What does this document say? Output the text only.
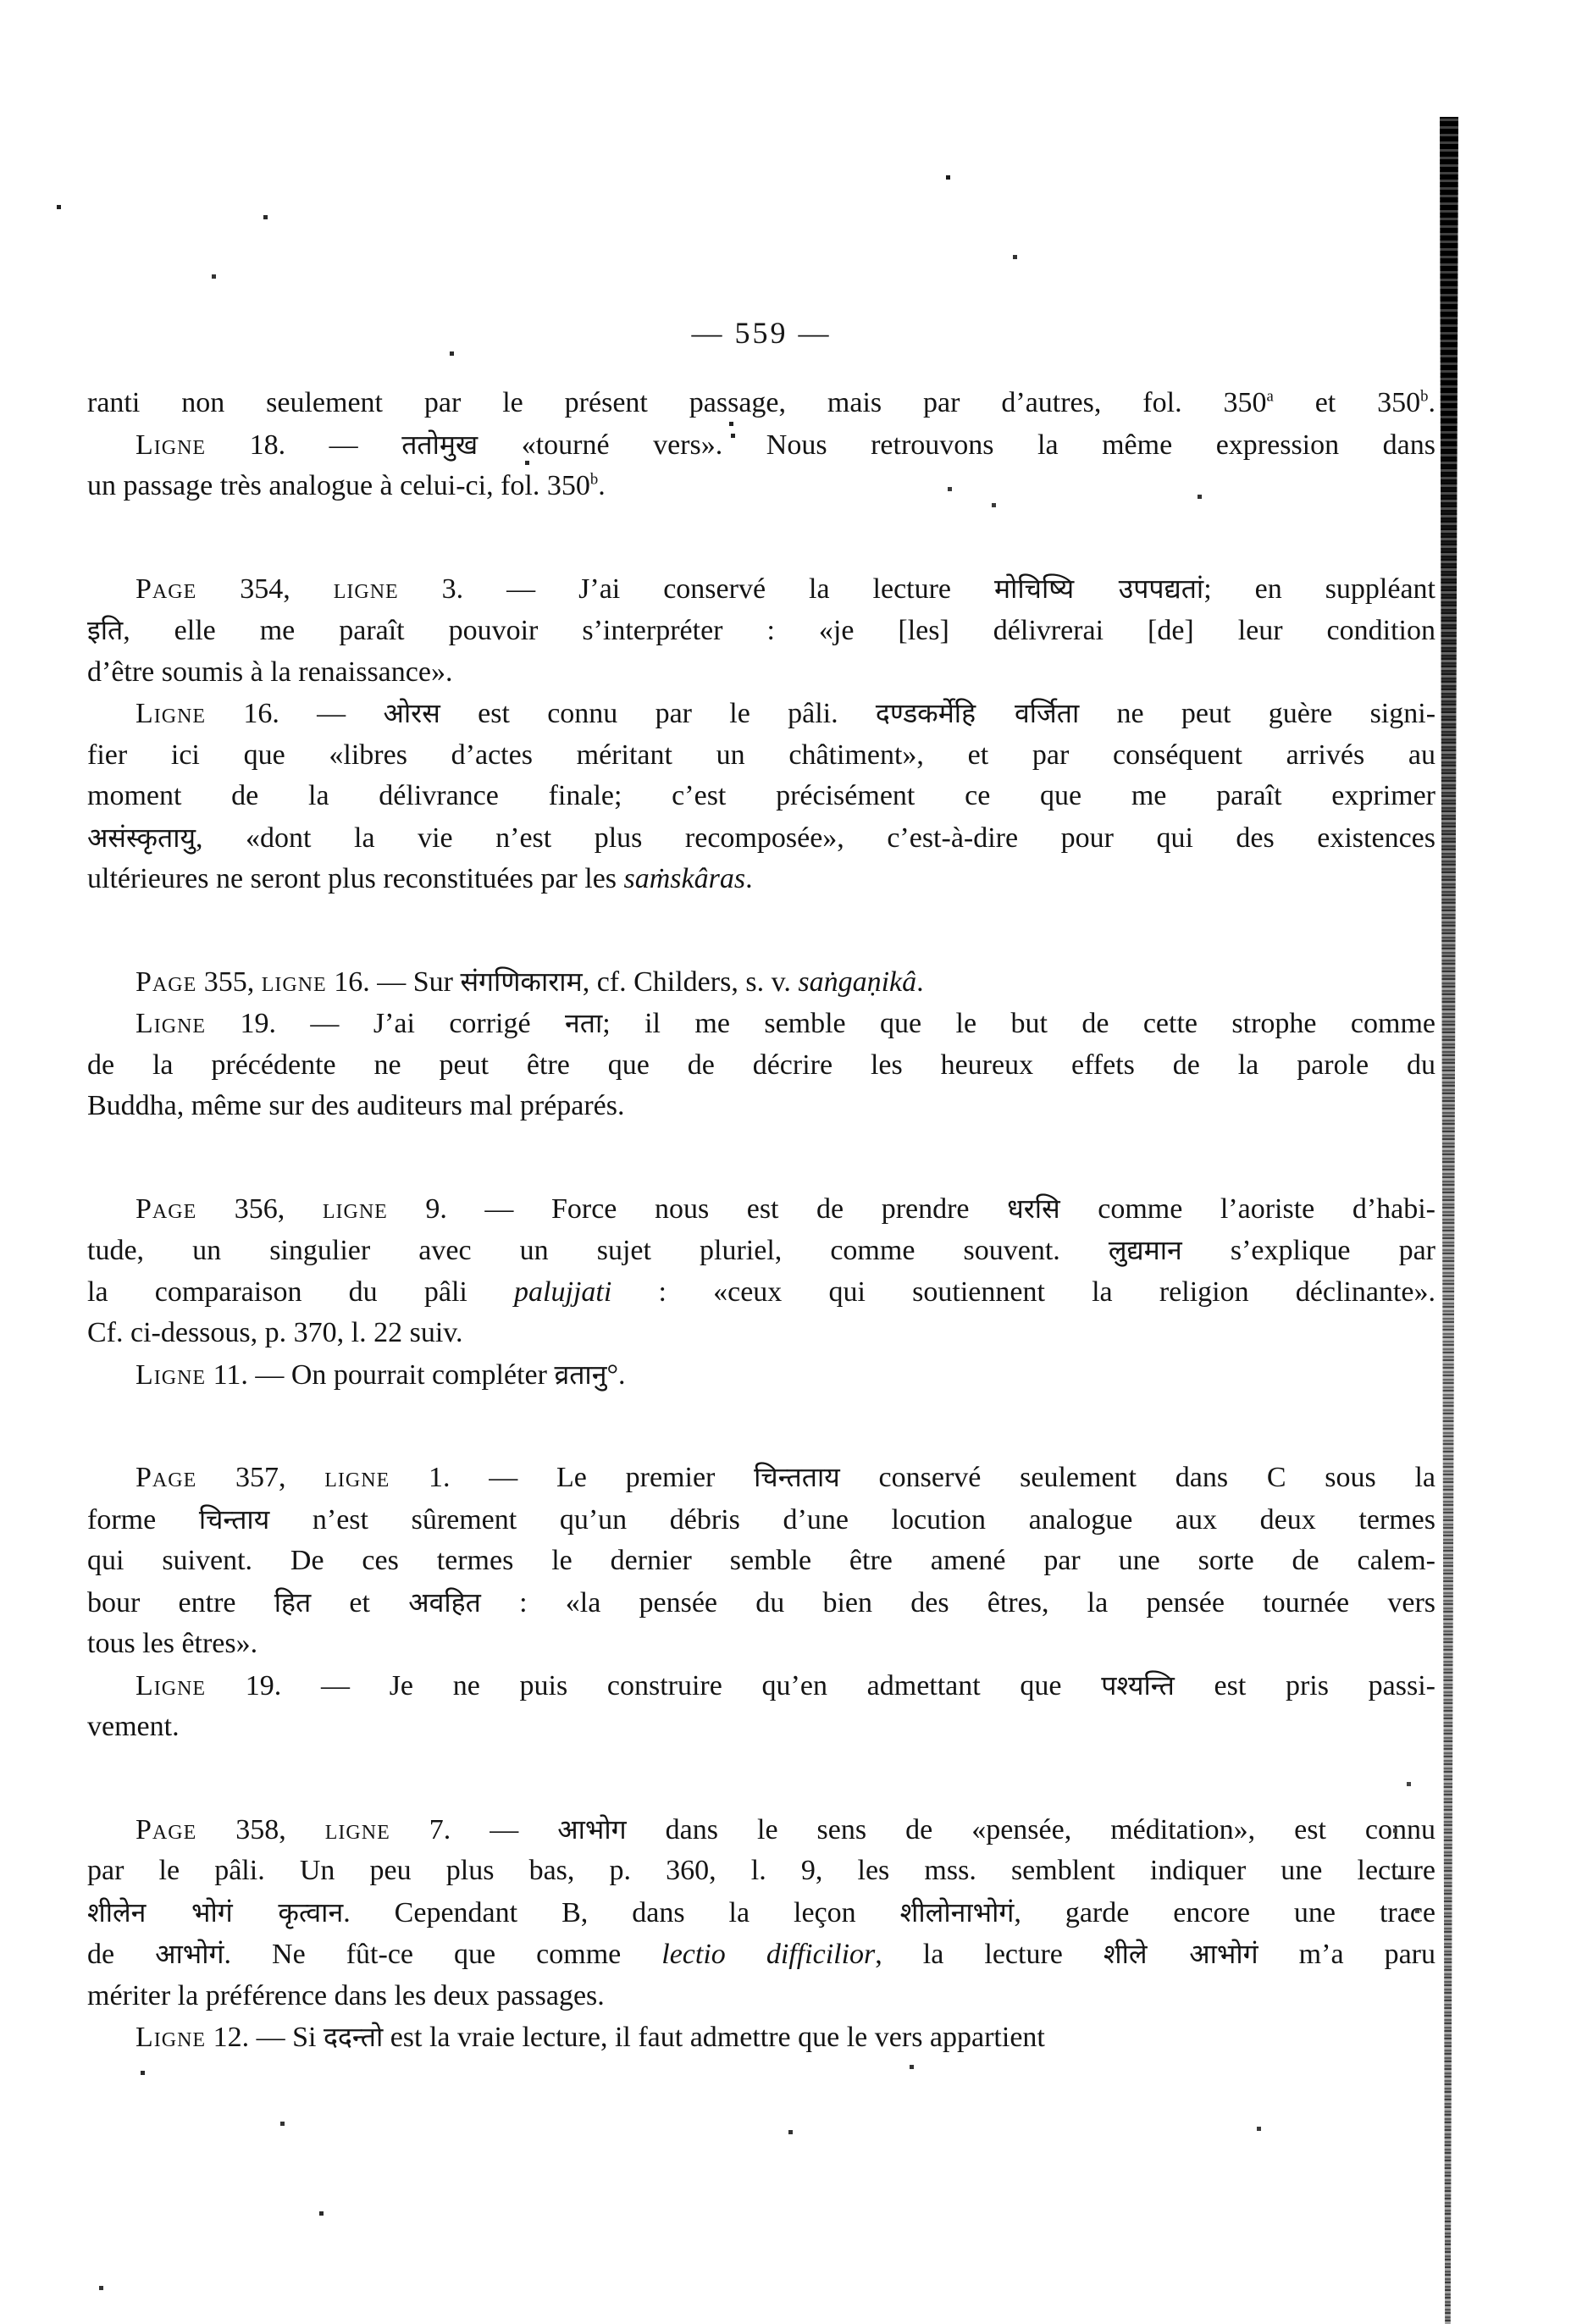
— 559 —
ranti non seulement par le présent passage, mais par d’autres, fol. 350$^a$ et 350$^b$.
Ligne 18. — ततोमुख «tourné vers». Nous retrouvons la même expression dans
un passage très analogue à celui-ci, fol. 350$^b$.
Page 354, ligne 3. — J’ai conservé la lecture मोचिष्यि उपपद्यतां; en suppléant
इति, elle me paraît pouvoir s’interpréter : «je [les] délivrerai [de] leur condition
d’être soumis à la renaissance».
Ligne 16. — ओरस est connu par le pâli. दण्डकर्मेहि वर्जिता ne peut guère signi-
fier ici que «libres d’actes méritant un châtiment», et par conséquent arrivés au
moment de la délivrance finale; c’est précisément ce que me paraît exprimer
असंस्कृतायु, «dont la vie n’est plus recomposée», c’est-à-dire pour qui des existences
ultérieures ne seront plus reconstituées par les saṁskâras.
Page 355, ligne 16. — Sur संगणिकाराम, cf. Childers, s. v. saṅgaṇikâ.
Ligne 19. — J’ai corrigé नता; il me semble que le but de cette strophe comme
de la précédente ne peut être que de décrire les heureux effets de la parole du
Buddha, même sur des auditeurs mal préparés.
Page 356, ligne 9. — Force nous est de prendre धरसि comme l’aoriste d’habi-
tude, un singulier avec un sujet pluriel, comme souvent. लुद्यमान s’explique par
la comparaison du pâli palujjati : «ceux qui soutiennent la religion déclinante».
Cf. ci-dessous, p. 370, l. 22 suiv.
Ligne 11. — On pourrait compléter व्रतानु°.
Page 357, ligne 1. — Le premier चिन्तताय conservé seulement dans C sous la
forme चिन्ताय n’est sûrement qu’un débris d’une locution analogue aux deux termes
qui suivent. De ces termes le dernier semble être amené par une sorte de calem-
bour entre हित et अवहित : «la pensée du bien des êtres, la pensée tournée vers
tous les êtres».
Ligne 19. — Je ne puis construire qu’en admettant que पश्यन्ति est pris passi-
vement.
Page 358, ligne 7. — आभोग dans le sens de «pensée, méditation», est connu
par le pâli. Un peu plus bas, p. 360, l. 9, les mss. semblent indiquer une lecture
शीलेन भोगं कृत्वान. Cependant B, dans la leçon शीलोनाभोगं, garde encore une trace
de आभोगं. Ne fût-ce que comme lectio difficilior, la lecture शीले आभोगं m’a paru
mériter la préférence dans les deux passages.
Ligne 12. — Si ददन्तो est la vraie lecture, il faut admettre que le vers appartient
